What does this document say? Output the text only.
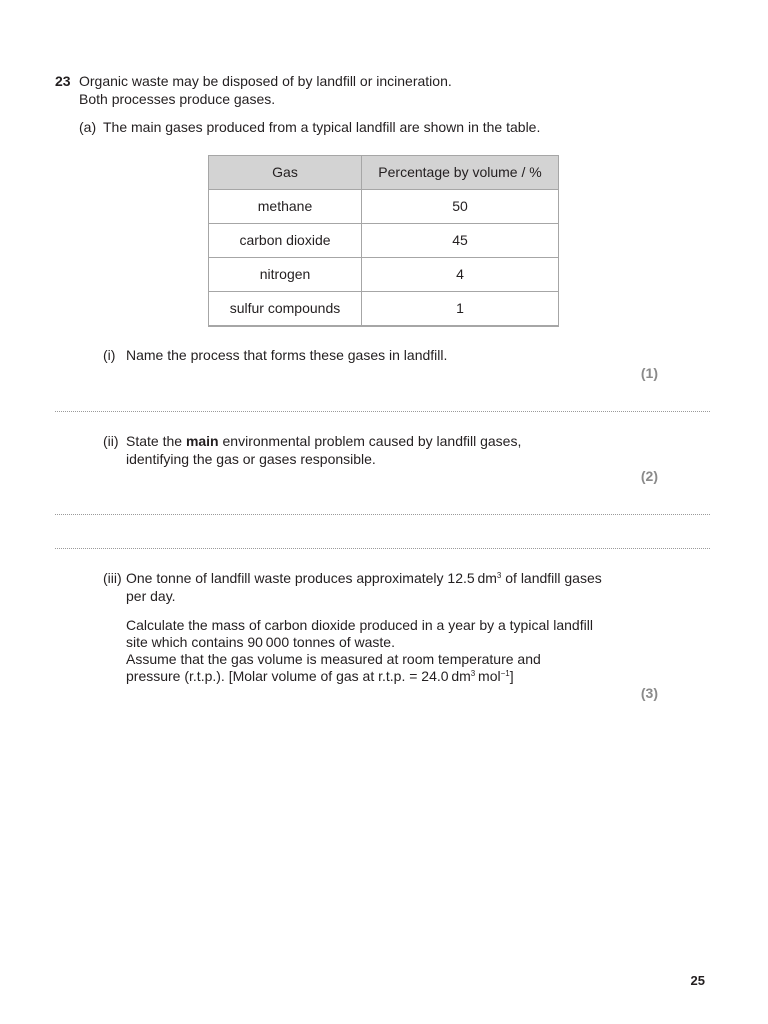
23 Organic waste may be disposed of by landfill or incineration.
Both processes produce gases.
(a) The main gases produced from a typical landfill are shown in the table.
Gas	Percentage by volume / %
methane	50
carbon dioxide	45
nitrogen	4
sulfur compounds	1
(i) Name the process that forms these gases in landfill.
(1)
(ii) State the main environmental problem caused by landfill gases,
identifying the gas or gases responsible.
(2)
(iii) One tonne of landfill waste produces approximately 12.5 $dm^3$ of landfill gases
per day.
Calculate the mass of carbon dioxide produced in a year by a typical landfill
site which contains 90 000 tonnes of waste.
Assume that the gas volume is measured at room temperature and
pressure (r.t.p.). [Molar volume of gas at r.t.p. = 24.0 $dm^3$ mol$^{-1}$]
(3)
25
